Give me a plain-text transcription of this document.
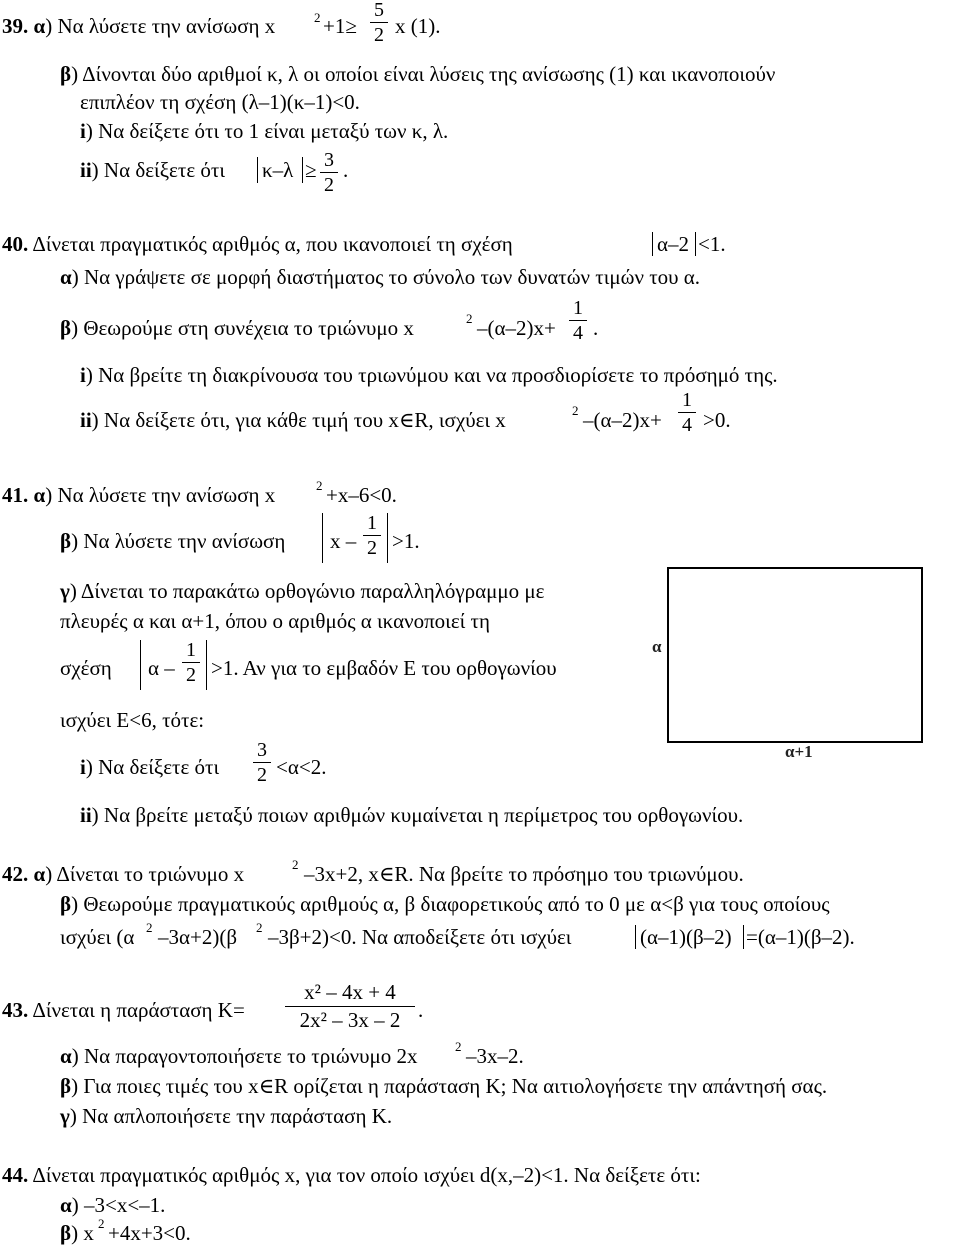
39. α) Να λύσετε την ανίσωση x	2 +1≥
5
2 x (1).
β) Δίνονται δύο αριθμοί κ, λ οι οποίοι είναι λύσεις της ανίσωσης (1) και ικανοποιούν
επιπλέον τη σχέση (λ–1)(κ–1)<0.
i) Να δείξετε ότι το 1 είναι μεταξύ των κ, λ.
ii) Να δείξετε ότι κ–λ ≥ 3
2
.
40. Δίνεται πραγματικός αριθμός α, που ικανοποιεί τη σχέση	α–2 <1.
α) Να γράψετε σε μορφή διαστήματος το σύνολο των δυνατών τιμών του α.
β) Θεωρούμε στη συνέχεια το τριώνυμο x	2 –(α–2)x+
1
4 .
i) Να βρείτε τη διακρίνουσα του τριωνύμου και να προσδιορίσετε το πρόσημό της.
ii) Να δείξετε ότι, για κάθε τιμή του x∈R, ισχύει x	2 –(α–2)x+
1
4 >0.
41. α) Να λύσετε την ανίσωση x	2 +x–6<0.
β) Να λύσετε την ανίσωση x –
1
2 >1.
γ) Δίνεται το παρακάτω ορθογώνιο παραλληλόγραμμο με
πλευρές α και α+1, όπου ο αριθμός α ικανοποιεί τη
σχέση α –
1
2 >1. Αν για το εμβαδόν Ε του ορθογωνίου
ισχύει Ε<6, τότε:
i) Να δείξετε ότι
3
2 <α<2.
ii) Να βρείτε μεταξύ ποιων αριθμών κυμαίνεται η περίμετρος του ορθογωνίου.
α
α+1
42. α) Δίνεται το τριώνυμο x	2 –3x+2, x∈R. Να βρείτε το πρόσημο του τριωνύμου.
β) Θεωρούμε πραγματικούς αριθμούς α, β διαφορετικούς από το 0 με α<β για τους οποίους
ισχύει (α 2 –3α+2)(β 2 –3β+2)<0. Να αποδείξετε ότι ισχύει	(α–1)(β–2) =(α–1)(β–2).
43. Δίνεται η παράσταση Κ=
x² – 4x + 4
2x² – 3x – 2 .
α) Να παραγοντοποιήσετε το τριώνυμο 2x	2 –3x–2.
β) Για ποιες τιμές του x∈R ορίζεται η παράσταση Κ; Να αιτιολογήσετε την απάντησή σας.
γ) Να απλοποιήσετε την παράσταση Κ.
44. Δίνεται πραγματικός αριθμός x, για τον οποίο ισχύει d(x,–2)<1. Να δείξετε ότι:
α) –3<x<–1.
β) x 2 +4x+3<0.
